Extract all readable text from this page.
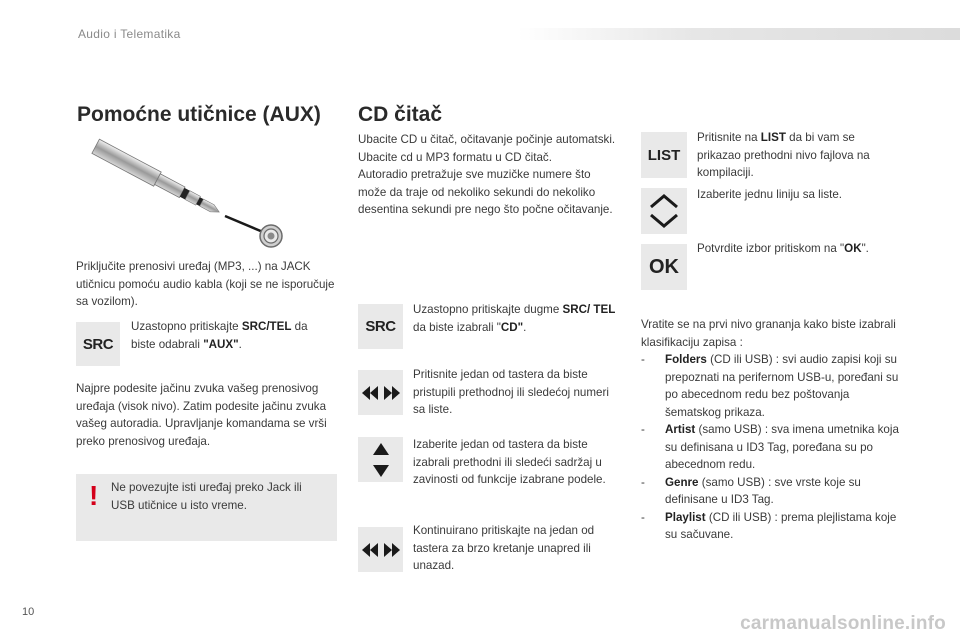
Audio i Telematika
Pomoćne utičnice (AUX)
Priključite prenosivi uređaj (MP3, ...) na JACK utičnicu pomoću audio kabla (koji se ne isporučuje sa vozilom).
SRC
Uzastopno pritiskajte SRC/TEL da biste odabrali "AUX".
Najpre podesite jačinu zvuka vašeg prenosivog uređaja (visok nivo). Zatim podesite jačinu zvuka vašeg autoradia. Upravljanje komandama se vrši preko prenosivog uređaja.
! Ne povezujte isti uređaj preko Jack ili USB utičnice u isto vreme.
CD čitač
Ubacite CD u čitač, očitavanje počinje automatski.
Ubacite cd u MP3 formatu u CD čitač.
Autoradio pretražuje sve muzičke numere što može da traje od nekoliko sekundi do nekoliko desentina sekundi pre nego što počne očitavanje.
SRC
Uzastopno pritiskajte dugme SRC/ TEL da biste izabrali "CD".
Pritisnite jedan od tastera da biste pristupili prethodnoj ili sledećoj numeri sa liste.
Izaberite jedan od tastera da biste izabrali prethodni ili sledeći sadržaj u zavinosti od funkcije izabrane podele.
Kontinuirano pritiskajte na jedan od tastera za brzo kretanje unapred ili unazad.
LIST
Pritisnite na LIST da bi vam se prikazao prethodni nivo fajlova na kompilaciji.
Izaberite jednu liniju sa liste.
OK
Potvrdite izbor pritiskom na "OK".
Vratite se na prvi nivo grananja kako biste izabrali klasifikaciju zapisa :
-	Folders (CD ili USB) : svi audio zapisi koji su prepoznati na perifernom USB-u, poređani su po abecednom redu bez poštovanja šematskog prikaza.
-	Artist (samo USB) : sva imena umetnika koja su definisana u ID3 Tag, poređana su po abecednom redu.
-	Genre (samo USB) : sve vrste koje su definisane u ID3 Tag.
-	Playlist (CD ili USB) : prema plejlistama koje su sačuvane.
10
carmanualsonline.info
